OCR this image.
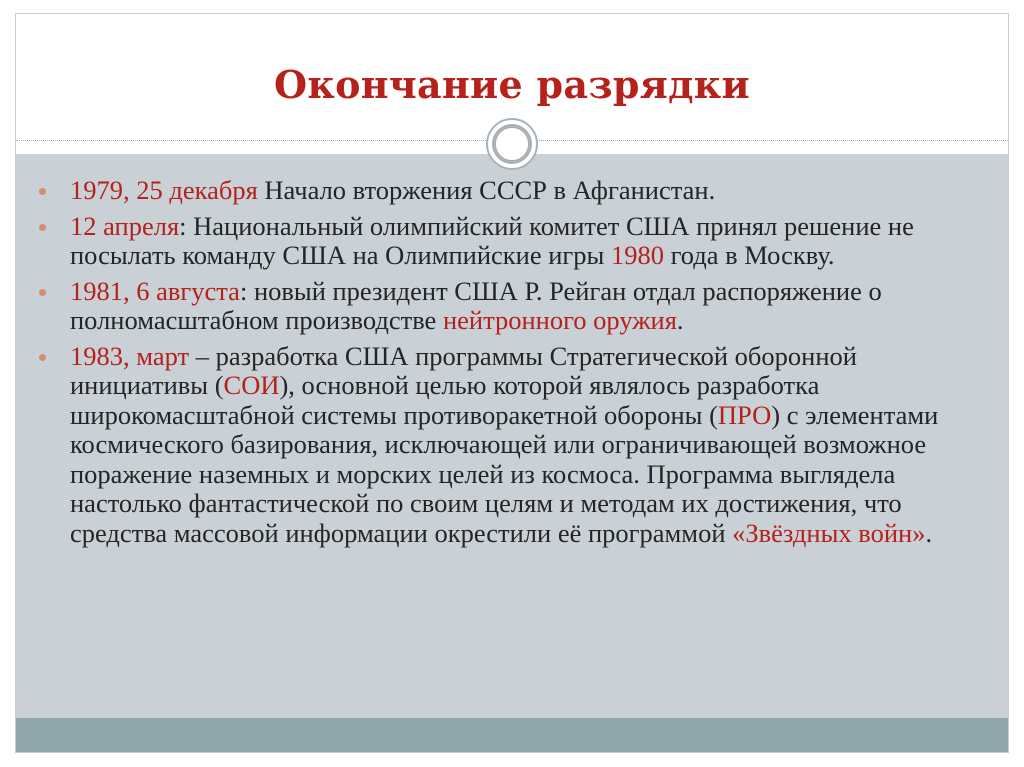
Окончание разрядки
1979, 25 декабря Начало вторжения СССР в Афганистан.
12 апреля: Национальный олимпийский комитет США принял решение не посылать команду США на Олимпийские игры 1980 года в Москву.
1981, 6 августа: новый президент США Р. Рейган отдал распоряжение о полномасштабном производстве нейтронного оружия.
1983, март – разработка США программы Стратегической оборонной инициативы (СОИ), основной целью которой являлось разработка широкомасштабной системы противоракетной обороны (ПРО) с элементами космического базирования, исключающей или ограничивающей возможное поражение наземных и морских целей из космоса. Программа выглядела настолько фантастической по своим целям и методам их достижения, что средства массовой информации окрестили её программой «Звёздных войн».
